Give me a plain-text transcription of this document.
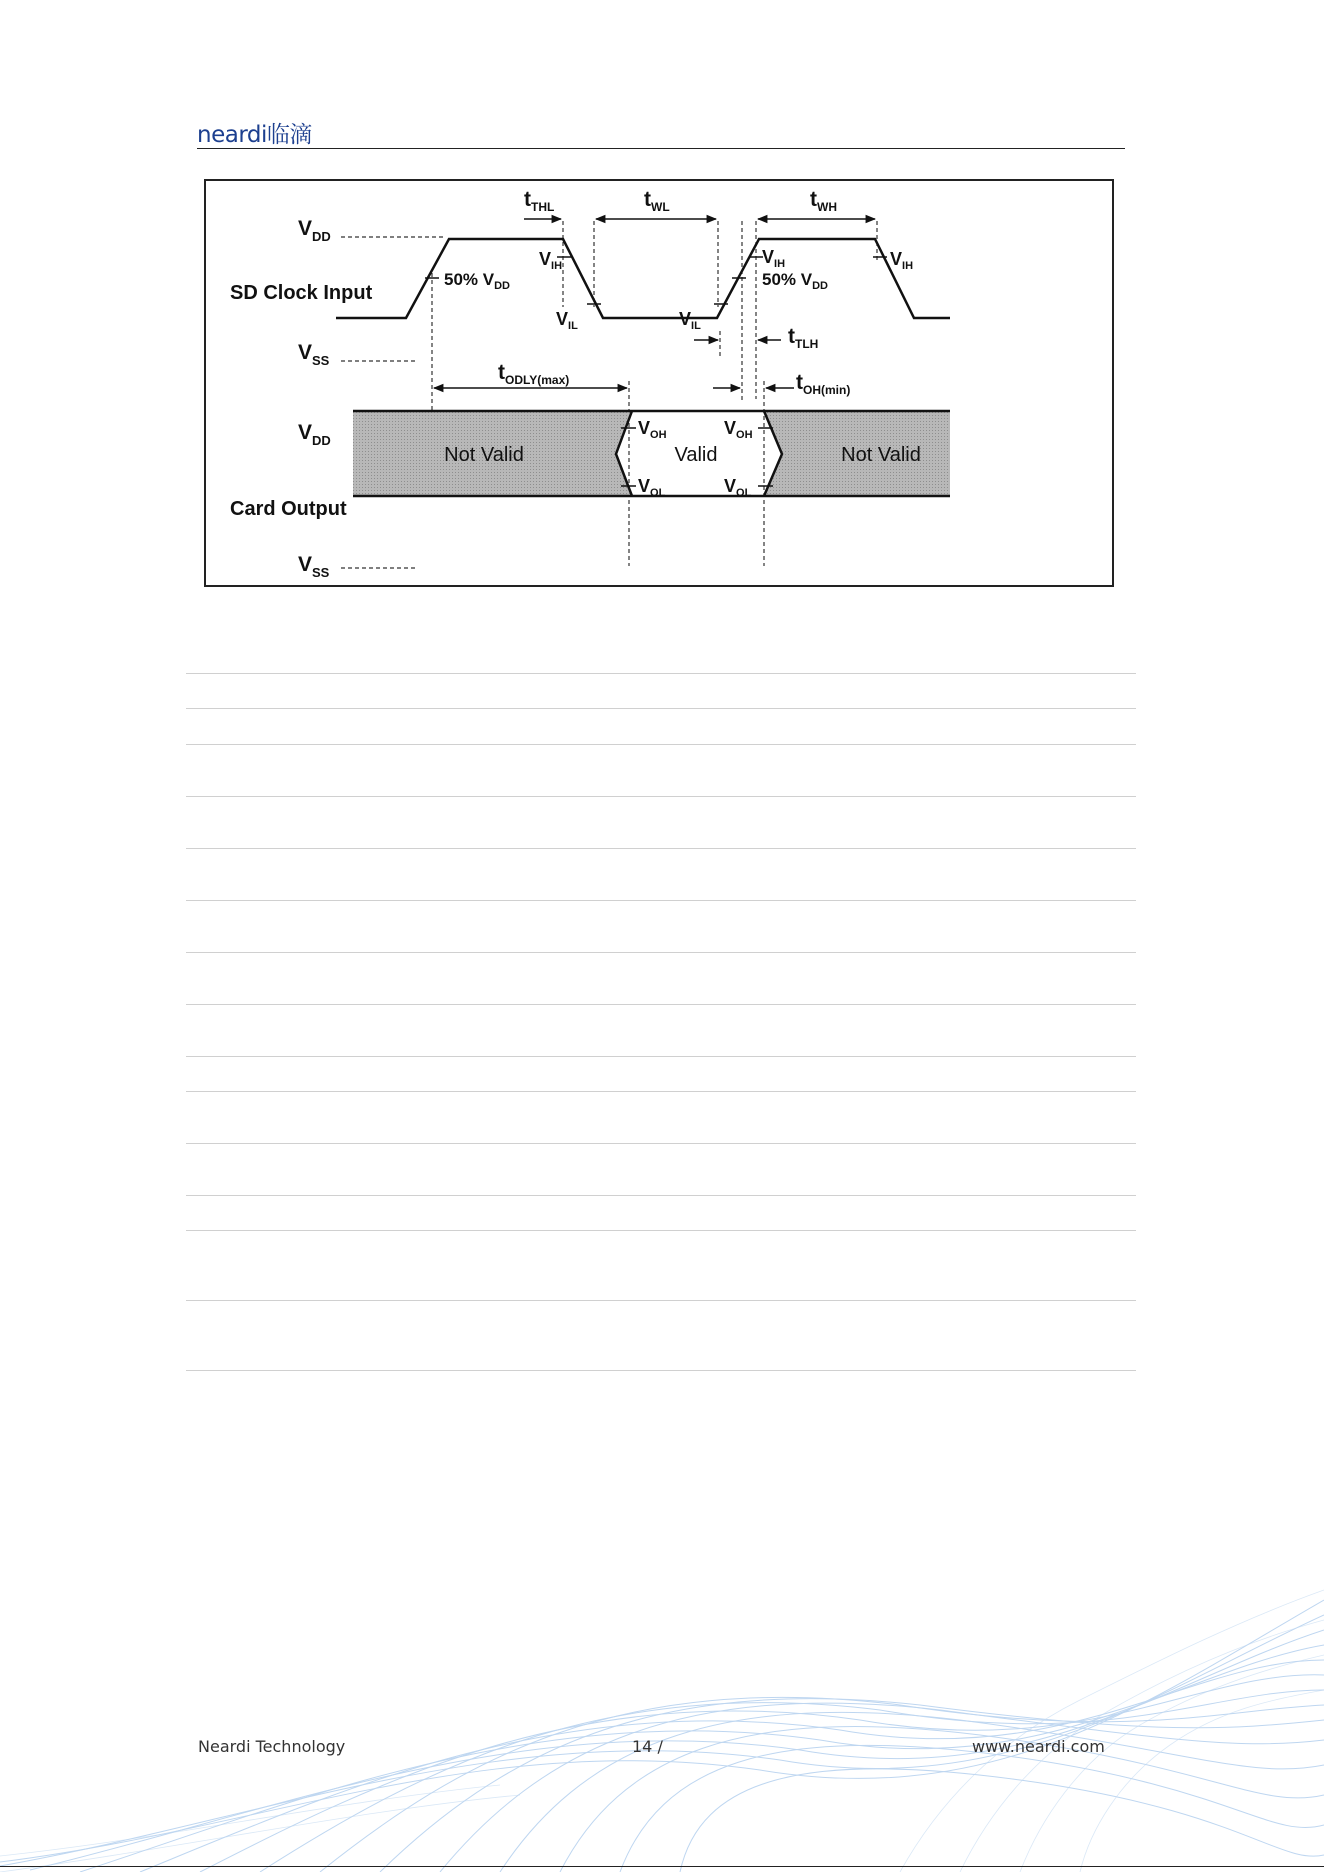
neardi临滴
SD Clock Input
Card Output
$V_{DD}$
$V_{SS}$
$V_{DD}$
$V_{SS}$
$t_{THL}$	$t_{WL}$	$t_{WH}$
$t_{TLH}$
$t_{ODLY(max)}$	$t_{OH(min)}$
50% $V_{DD}$	50% $V_{DD}$
$V_{IH}$
$V_{IL}$	$V_{IL}$
$V_{IH}$	$V_{IH}$
$V_{OH}$	$V_{OH}$
$V_{OL}$	$V_{OL}$
Not Valid	Valid	Not Valid
Neardi Technology	14 /	www.neardi.com
